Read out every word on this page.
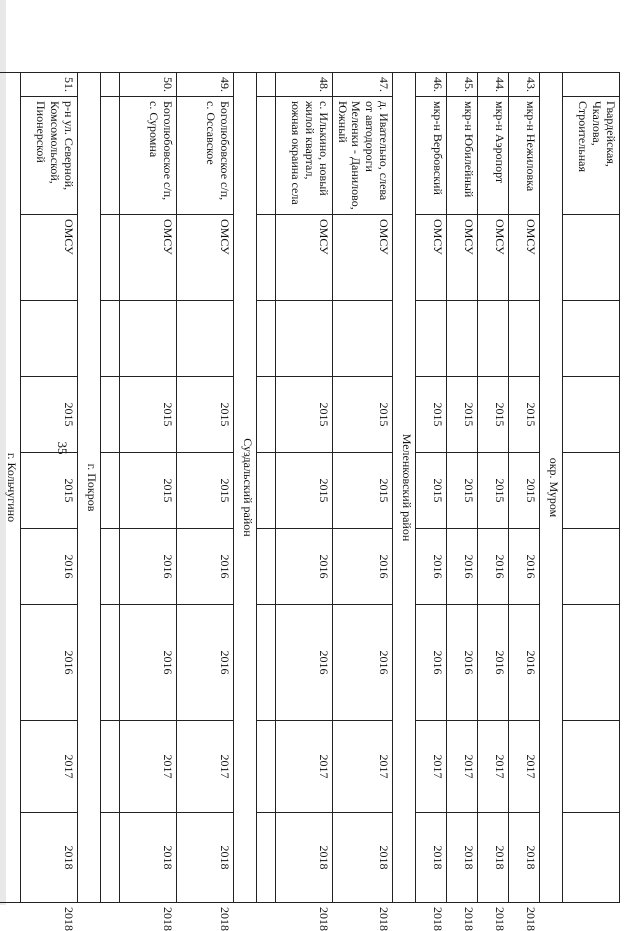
35
	Гвардейская, Чкалова, Строительная									
окр. Муром										
43.	мкр-н Нежиловка	ОМСУ		2015	2015	2016	2016	2017	2018	2018
44.	мкр-н Аэропорт	ОМСУ		2015	2015	2016	2016	2017	2018	2018
45.	мкр-н Юбилейный	ОМСУ		2015	2015	2016	2016	2017	2018	2018
46.	мкр-н Вербовский	ОМСУ		2015	2015	2016	2016	2017	2018	2018
Меленковский район										
47.	д. Ивательно, слева от автодороги Меленки - Данилово, Южный	ОМСУ		2015	2015	2016	2016	2017	2018	2018
48.	с. Илькино, новый жилой квартал, южная окраина села	ОМСУ		2015	2015	2016	2016	2017	2018	2018

Суздальский район										
49.	Боголюбовское с/п, с. Оссавское	ОМСУ		2015	2015	2016	2016	2017	2018	2018
50.	Боголюбовское с/п, с. Суромна	ОМСУ		2015	2015	2016	2016	2017	2018	2018

г. Покров										
51.	р-н ул. Северной, Комсомольской, Пионерской	ОМСУ		2015	2015	2016	2016	2017	2018	2018
г. Кольчугино										
